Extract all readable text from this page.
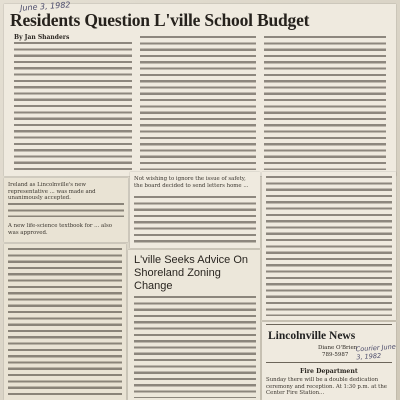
June 3, 1982
Residents Question L'ville School Budget
By Jan Shanders
Ireland as Lincolnville's new representative ... was made and unanimously accepted.
A new life-science textbook for ... also was approved.
Not wishing to ignore the issue of safety, the board decided to send letters home ...
L'ville Seeks Advice On Shoreland Zoning Change
Lincolnville News
Diane O'Brien
789-5987
Courier June 3, 1982
Fire Department
Sunday there will be a double dedication ceremony and reception. At 1:30 p.m. at the Center Fire Station...
